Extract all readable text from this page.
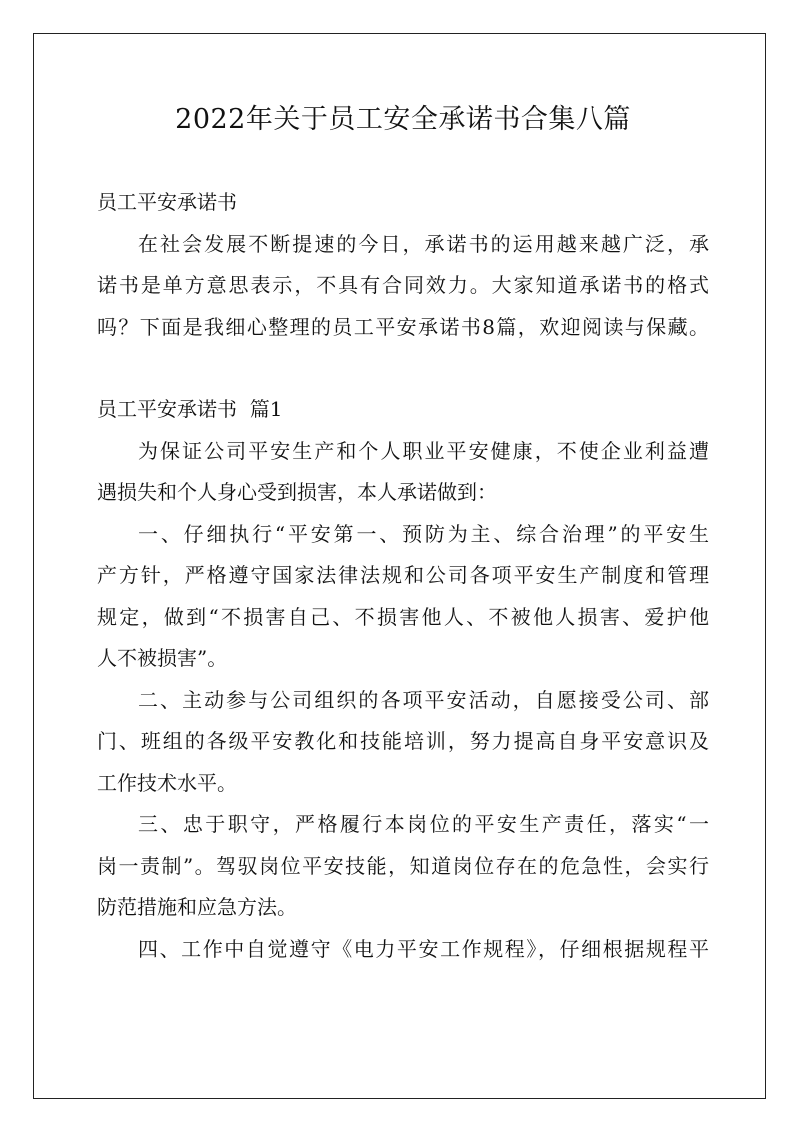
2022年关于员工安全承诺书合集八篇
员工平安承诺书
在社会发展不断提速的今日，承诺书的运用越来越广泛，承
诺书是单方意思表示，不具有合同效力。大家知道承诺书的格式
吗？下面是我细心整理的员工平安承诺书8篇，欢迎阅读与保藏。
员工平安承诺书  篇1
为保证公司平安生产和个人职业平安健康，不使企业利益遭
遇损失和个人身心受到损害，本人承诺做到：
一、仔细执行“平安第一、预防为主、综合治理”的平安生
产方针，严格遵守国家法律法规和公司各项平安生产制度和管理
规定，做到“不损害自己、不损害他人、不被他人损害、爱护他
人不被损害”。
二、主动参与公司组织的各项平安活动，自愿接受公司、部
门、班组的各级平安教化和技能培训，努力提高自身平安意识及
工作技术水平。
三、忠于职守，严格履行本岗位的平安生产责任，落实“一
岗一责制”。驾驭岗位平安技能，知道岗位存在的危急性，会实行
防范措施和应急方法。
四、工作中自觉遵守《电力平安工作规程》，仔细根据规程平
